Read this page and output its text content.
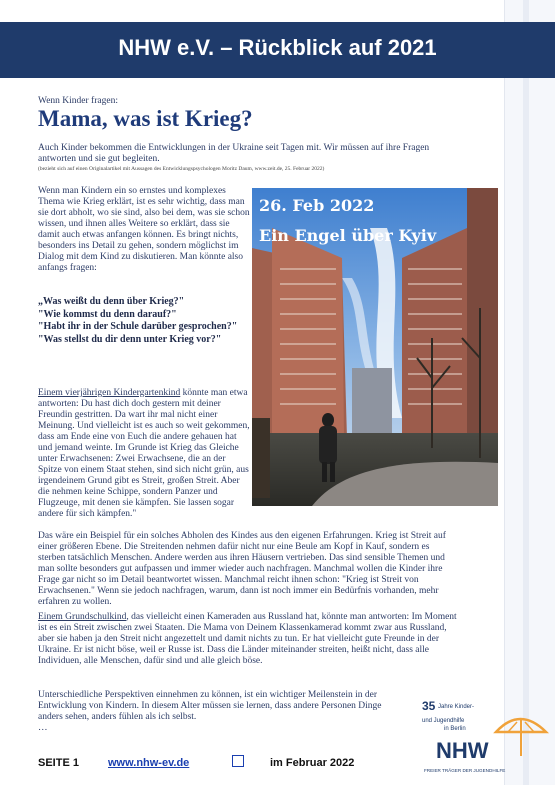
NHW e.V. – Rückblick auf 2021
Wenn Kinder fragen:
Mama, was ist Krieg?
Auch Kinder bekommen die Entwicklungen in der Ukraine seit Tagen mit. Wir müssen auf ihre Fragen antworten und sie gut begleiten.
(bezieht sich auf einen Originalartikel mit Aussagen des Entwicklungspsychologen Moritz Daum, www.zeit.de, 25. Februar 2022)
Wenn man Kindern ein so ernstes und komplexes Thema wie Krieg erklärt, ist es sehr wichtig, dass man sie dort abholt, wo sie sind, also bei dem, was sie schon wissen, und ihnen alles Weitere so erklärt, dass sie damit auch etwas anfangen können. Es bringt nichts, besonders ins Detail zu gehen, sondern möglichst im Dialog mit dem Kind zu diskutieren. Man könnte also anfangs fragen:
„Was weißt du denn über Krieg?"
"Wie kommst du denn darauf?"
"Habt ihr in der Schule darüber gesprochen?"
"Was stellst du dir denn unter Krieg vor?"
Einem vierjährigen Kindergartenkind könnte man etwa antworten: Du hast dich doch gestern mit deiner Freundin gestritten. Da wart ihr mal nicht einer Meinung. Und vielleicht ist es auch so weit gekommen, dass am Ende eine von Euch die andere gehauen hat und jemand weinte. Im Grunde ist Krieg das Gleiche unter Erwachsenen: Zwei Erwachsene, die an der Spitze von einem Staat stehen, sind sich nicht grün, aus irgendeinem Grund gibt es Streit, großen Streit. Aber die nehmen keine Schippe, sondern Panzer und Flugzeuge, mit denen sie kämpfen. Sie lassen sogar andere für sich kämpfen."
26. Feb 2022
Ein Engel über Kyiv
Das wäre ein Beispiel für ein solches Abholen des Kindes aus den eigenen Erfahrungen. Krieg ist Streit auf einer größeren Ebene. Die Streitenden nehmen dafür nicht nur eine Beule am Kopf in Kauf, sondern es sterben tatsächlich Menschen. Andere werden aus ihren Häusern vertrieben. Das sind sensible Themen und man sollte besonders gut aufpassen und immer wieder auch nachfragen. Manchmal wollen die Kinder ihre Frage gar nicht so im Detail beantwortet wissen. Manchmal reicht ihnen schon: "Krieg ist Streit von Erwachsenen." Wenn sie jedoch nachfragen, warum, dann ist noch immer ein Bedürfnis vorhanden, mehr erfahren zu wollen.
Einem Grundschulkind, das vielleicht einen Kameraden aus Russland hat, könnte man antworten: Im Moment ist es ein Streit zwischen zwei Staaten. Die Mama von Deinem Klassenkamerad kommt zwar aus Russland, aber sie haben ja den Streit nicht angezettelt und damit nichts zu tun. Er hat vielleicht gute Freunde in der Ukraine. Er ist nicht böse, weil er Russe ist. Dass die Länder miteinander streiten, heißt nicht, dass alle Individuen, alle Menschen, dafür sind und alle gleich böse.
Unterschiedliche Perspektiven einnehmen zu können, ist ein wichtiger Meilenstein in der Entwicklung von Kindern. In diesem Alter müssen sie lernen, dass andere Personen Dinge anders sehen, anders fühlen als ich selbst.
…
35 Jahre Kinder-
und Jugendhilfe
in Berlin
NHW
FREIER TRÄGER DER JUGENDHILFE
SEITE 1	www.nhw-ev.de	im Februar 2022
